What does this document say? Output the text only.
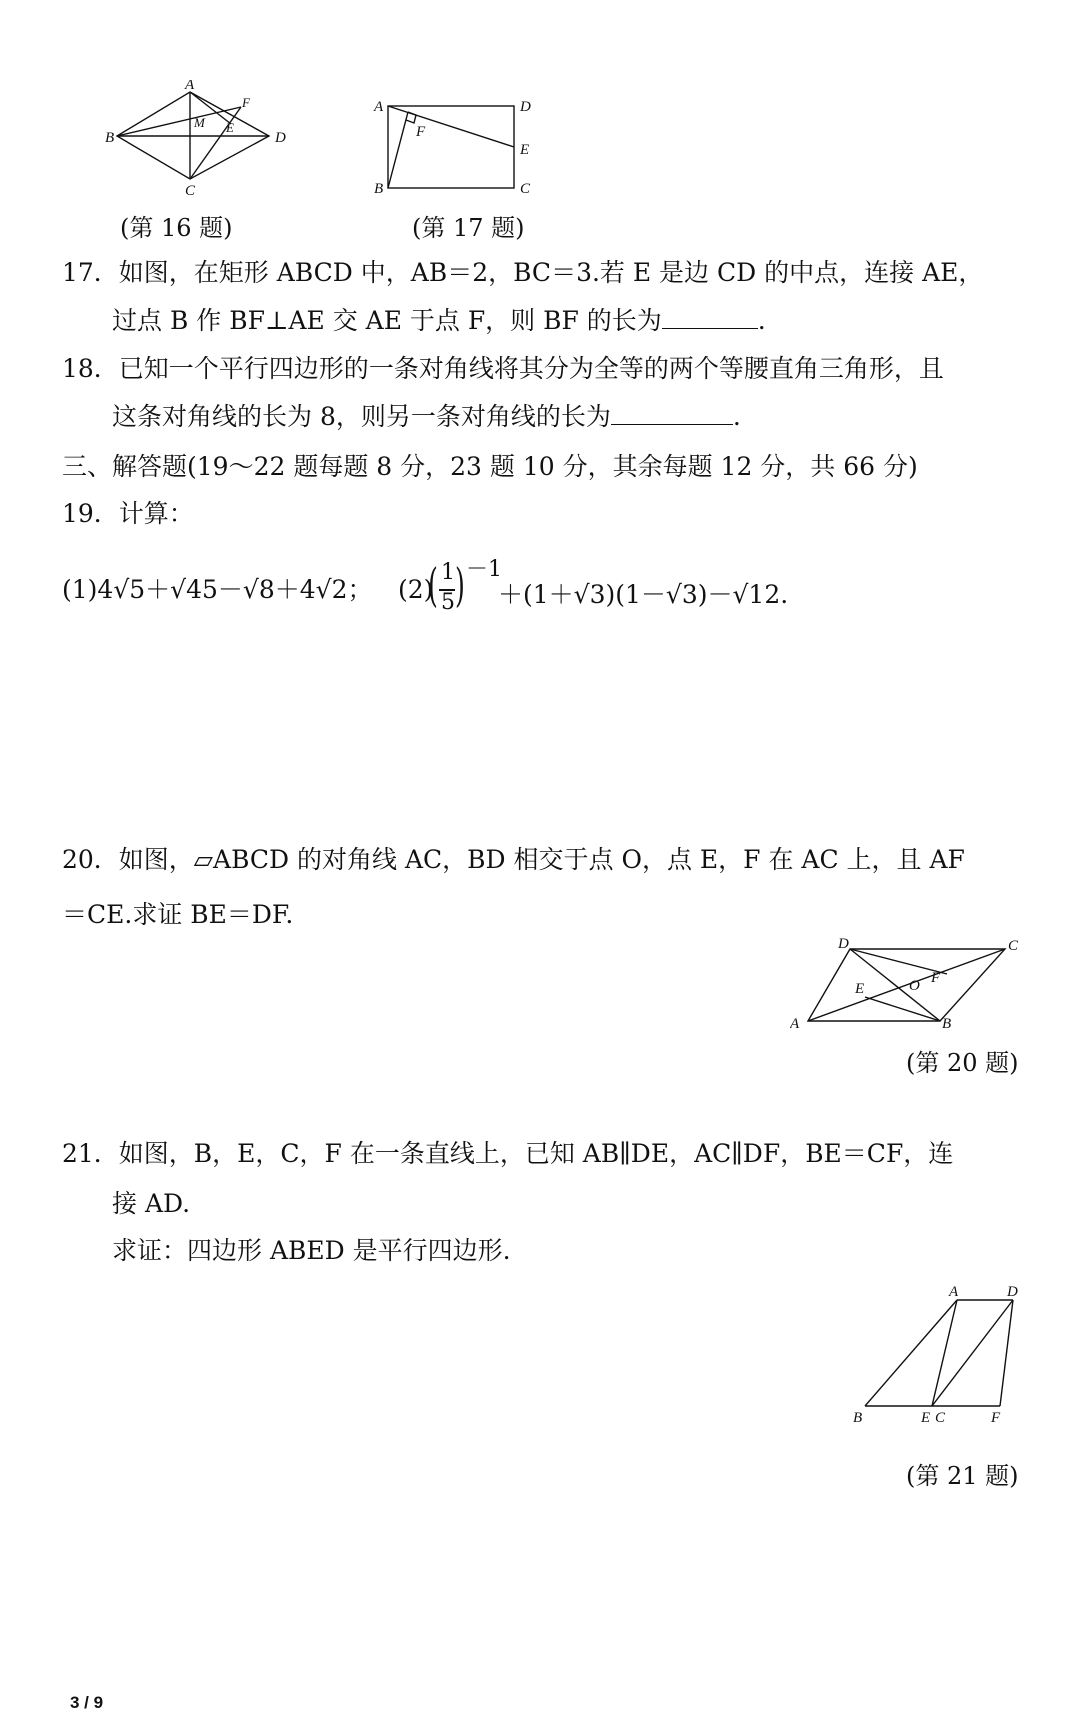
A
B
C
D
M E
F
(第 16 题)
A	D
B	C
E
F
(第 17 题)
17．如图，在矩形 ABCD 中，AB＝2，BC＝3.若 E 是边 CD 的中点，连接 AE，
过点 B 作 BF⊥AE 交 AE 于点 F，则 BF 的长为	.
18．已知一个平行四边形的一条对角线将其分为全等的两个等腰直角三角形，且
这条对角线的长为 8，则另一条对角线的长为	.
三、解答题(19～22 题每题 8 分，23 题 10 分，其余每题 12 分，共 66 分)
19．计算：
(1)4√5＋√45－√8＋4√2； (2)
( 1
5 ) －1
＋(1＋√3)(1－√3)－√12.
20．如图，▱ABCD 的对角线 AC，BD 相交于点 O，点 E，F 在 AC 上，且 AF
＝CE.求证 BE＝DF.
D	C
A	B
E	O F
(第 20 题)
21．如图，B，E，C，F 在一条直线上，已知 AB∥DE，AC∥DF，BE＝CF，连
接 AD.
求证：四边形 ABED 是平行四边形.
A	D
B	E C	F
(第 21 题)
3 / 9
